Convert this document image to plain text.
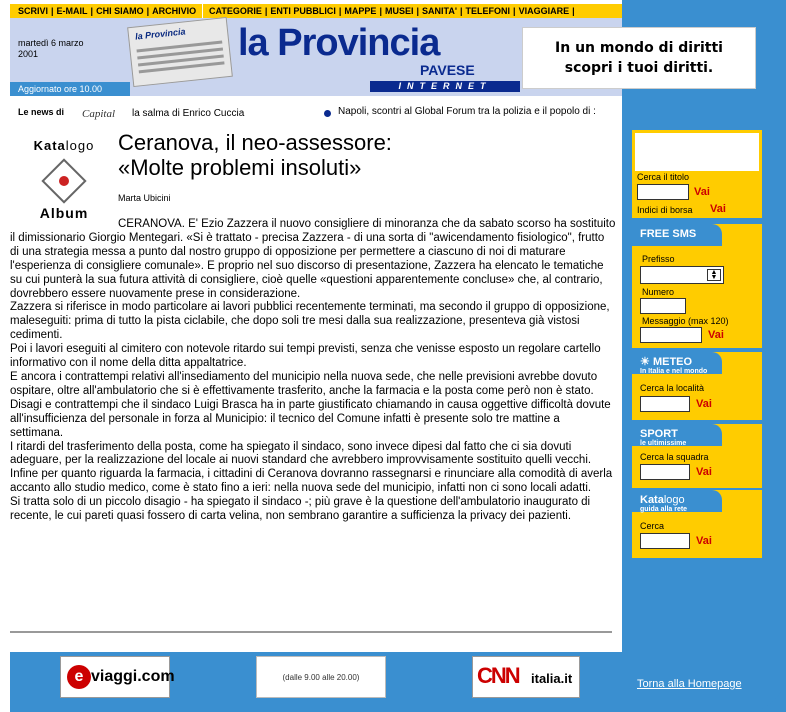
SCRIVI | E-MAIL | CHI SIAMO | ARCHIVIO	CATEGORIE | ENTI PUBBLICI | MAPPE | MUSEI | SANITA' | TELEFONI | VIAGGIARE |
martedì 6 marzo
2001
la Provincia	la Provincia
PAVESE
INTERNET
Aggiornato ore 10.00
In un mondo di diritti
scopri i tuoi diritti.
Le news di Capital la salma di Enrico Cuccia	Napoli, scontri al Global Forum tra la polizia e il popolo di :
Katalogo
Album
Ceranova, il neo-assessore:
«Molte problemi insoluti»
Marta Ubicini

CERANOVA. E' Ezio Zazzera il nuovo consigliere di minoranza che da sabato scorso ha sostituito il dimissionario Giorgio Mentegari. «Si è trattato - precisa Zazzera - di una sorta di "awicendamento fisiologico", frutto di una strategia messa a punto dal nostro gruppo di opposizione per permettere a ciascuno di noi di maturare l'esperienza di consigliere comunale». E proprio nel suo discorso di presentazione, Zazzera ha elencato le tematiche su cui punterà la sua futura attività di consigliere, cioè quelle «questioni apparentemente concluse» che, al contrario, dovrebbero essere nuovamente prese in considerazione.

Zazzera si riferisce in modo particolare ai lavori pubblici recentemente terminati, ma secondo il gruppo di opposizione, maleseguiti: prima di tutto la pista ciclabile, che dopo soli tre mesi dalla sua realizzazione, presenteva già vistosi cedimenti.

Poi i lavori eseguiti al cimitero con notevole ritardo sui tempi previsti, senza che venisse esposto un regolare cartello informativo con il nome della ditta appaltatrice.

E ancora i contrattempi relativi all'insediamento del municipio nella nuova sede, che nelle previsioni avrebbe dovuto ospitare, oltre all'ambulatorio che si è effettivamente trasferito, anche la farmacia e la posta come però non è stato.

Disagi e contrattempi che il sindaco Luigi Brasca ha in parte giustificato chiamando in causa oggettive difficoltà dovute all'insufficienza del personale in forza al Municipio: il tecnico del Comune infatti è presente solo tre mattine a settimana.

I ritardi del trasferimento della posta, come ha spiegato il sindaco, sono invece dipesi dal fatto che ci sia dovuti adeguare, per la realizzazione del locale ai nuovi standard che avrebbero improvvisamente sostituito quelli vecchi.

Infine per quanto riguarda la farmacia, i cittadini di Ceranova dovranno rassegnarsi e rinunciare alla comodità di averla accanto allo studio medico, come è stato fino a ieri: nella nuova sede del municipio, infatti non ci sono locali adatti.

Si tratta solo di un piccolo disagio - ha spiegato il sindaco -; più grave è la questione dell'ambulatorio inaugurato di recente, le cui pareti quasi fossero di carta velina, non sembrano garantire a sufficienza la privacy dei pazienti.

Cerca il titolo
Vai
Indici di borsa Vai
FREE SMS
Prefisso
▲
▼
Numero
Messaggio (max 120)
Vai
☀ METEO
In Italia e nel mondo
Cerca la località
Vai
SPORT
le ultimissime
Cerca la squadra
Vai
Katalogo
guida alla rete
Cerca
Vai
e viaggi.com	(dalle 9.00 alle 20.00)	CNN italia.it	Torna alla Homepage
